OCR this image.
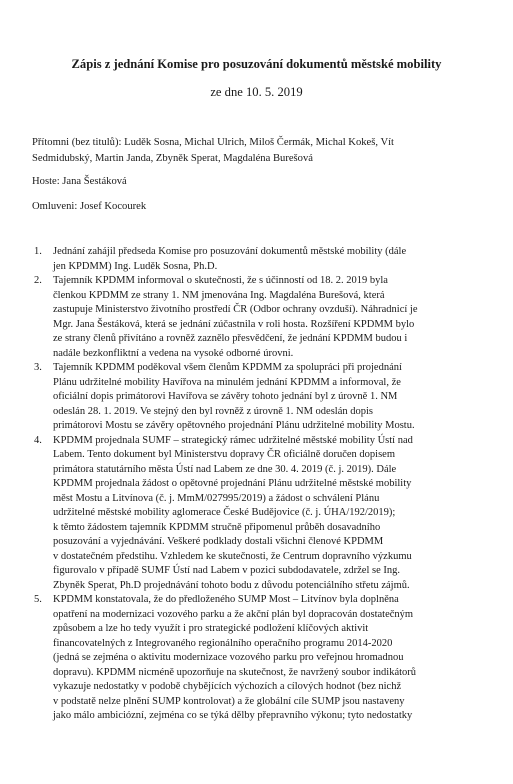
Zápis z jednání Komise pro posuzování dokumentů městské mobility
ze dne 10. 5. 2019
Přítomni (bez titulů): Luděk Sosna, Michal Ulrich, Miloš Čermák, Michal Kokeš, Vít
Sedmidubský, Martin Janda, Zbyněk Sperat, Magdaléna Burešová
Hoste: Jana Šestáková
Omluveni: Josef Kocourek
1. Jednání zahájil předseda Komise pro posuzování dokumentů městské mobility (dále
jen KPDMM) Ing. Luděk Sosna, Ph.D.
2. Tajemník KPDMM informoval o skutečnosti, že s účinností od 18. 2. 2019 byla
členkou KPDMM ze strany 1. NM jmenována Ing. Magdaléna Burešová, která
zastupuje Ministerstvo životního prostředí ČR (Odbor ochrany ovzduší). Náhradnicí je
Mgr. Jana Šestáková, která se jednání zúčastnila v roli hosta. Rozšíření KPDMM bylo
ze strany členů přivítáno a rovněž zaznělo přesvědčení, že jednání KPDMM budou i
nadále bezkonfliktní a vedena na vysoké odborné úrovni.
3. Tajemník KPDMM poděkoval všem členům KPDMM za spolupráci při projednání
Plánu udržitelné mobility Havířova na minulém jednání KPDMM a informoval, že
oficiální dopis primátorovi Havířova se závěry tohoto jednání byl z úrovně 1. NM
odeslán 28. 1. 2019. Ve stejný den byl rovněž z úrovně 1. NM odeslán dopis
primátorovi Mostu se závěry opětovného projednání Plánu udržitelné mobility Mostu.
4. KPDMM projednala SUMF – strategický rámec udržitelné městské mobility Ústí nad
Labem. Tento dokument byl Ministerstvu dopravy ČR oficiálně doručen dopisem
primátora statutárního města Ústí nad Labem ze dne 30. 4. 2019 (č. j. 2019). Dále
KPDMM projednala žádost o opětovné projednání Plánu udržitelné městské mobility
měst Mostu a Litvínova (č. j. MmM/027995/2019) a žádost o schválení Plánu
udržitelné městské mobility aglomerace České Budějovice (č. j. ÚHA/192/2019);
k těmto žádostem tajemník KPDMM stručně připomenul průběh dosavadního
posuzování a vyjednávání. Veškeré podklady dostali všichni členové KPDMM
v dostatečném předstihu. Vzhledem ke skutečnosti, že Centrum dopravního výzkumu
figurovalo v případě SUMF Ústí nad Labem v pozici subdodavatele, zdržel se Ing.
Zbyněk Sperat, Ph.D projednávání tohoto bodu z důvodu potenciálního střetu zájmů.
5. KPDMM konstatovala, že do předloženého SUMP Most – Litvínov byla doplněna
opatření na modernizaci vozového parku a že akční plán byl dopracován dostatečným
způsobem a lze ho tedy využít i pro strategické podložení klíčových aktivit
financovatelných z Integrovaného regionálního operačního programu 2014-2020
(jedná se zejména o aktivitu modernizace vozového parku pro veřejnou hromadnou
dopravu). KPDMM nicméně upozorňuje na skutečnost, že navržený soubor indikátorů
vykazuje nedostatky v podobě chybějících výchozích a cílových hodnot (bez nichž
v podstatě nelze plnění SUMP kontrolovat) a že globální cíle SUMP jsou nastaveny
jako málo ambiciózní, zejména co se týká dělby přepravního výkonu; tyto nedostatky
